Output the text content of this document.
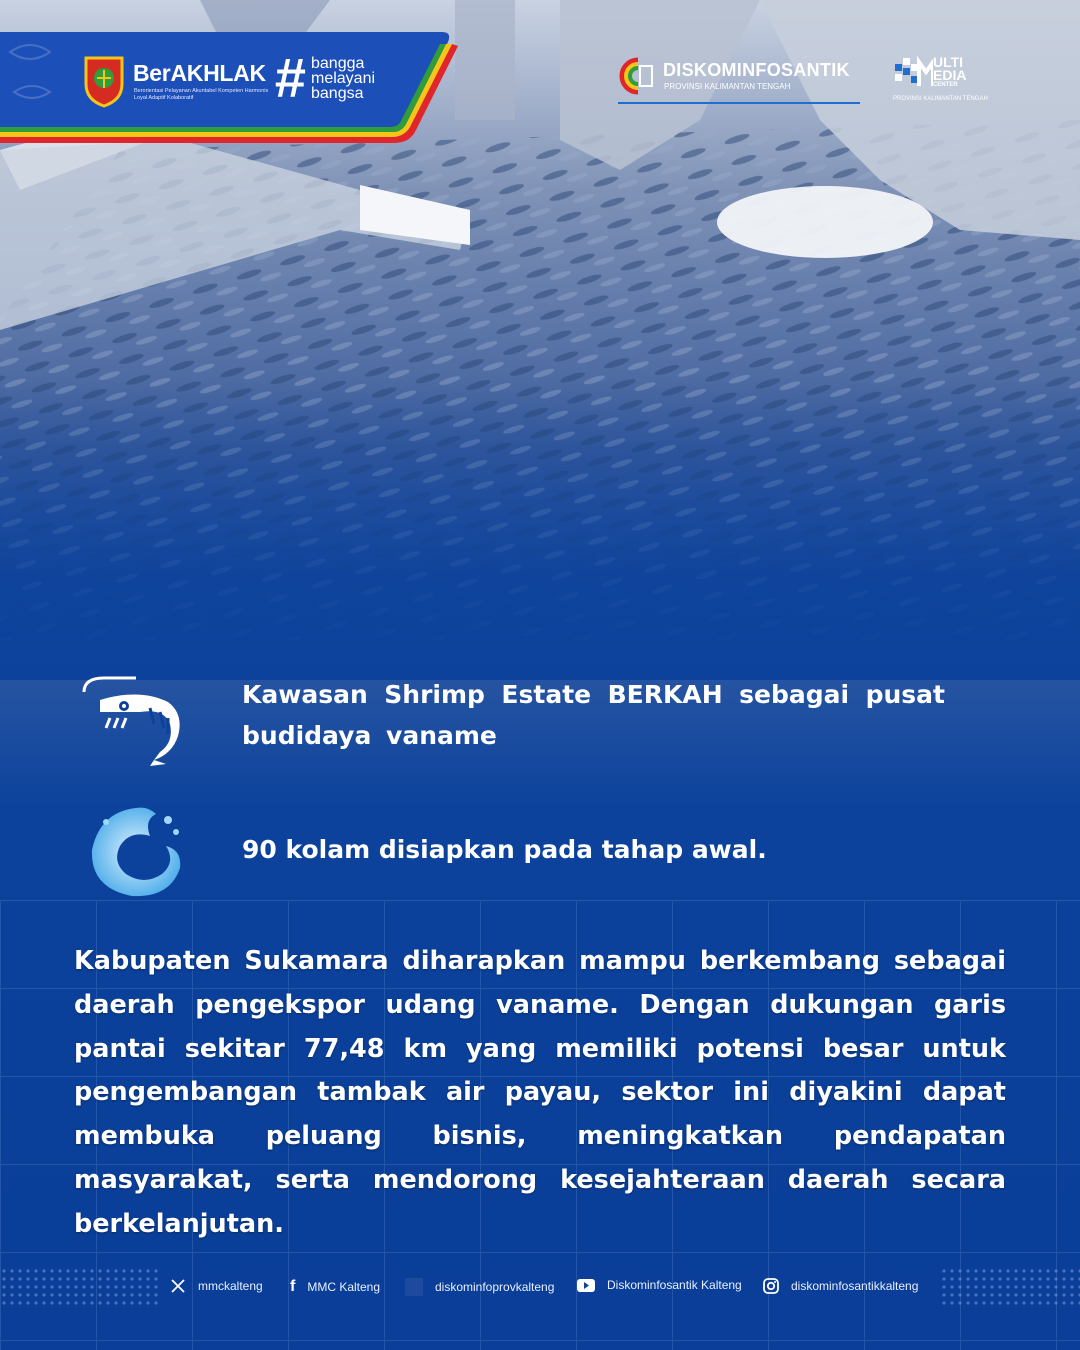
BerAKHLAK
Berorientasi Pelayanan Akuntabel Kompeten Harmonis Loyal Adaptif Kolaboratif	# bangga
melayani
bangsa
DISKOMINFOSANTIK
PROVINSI KALIMANTAN TENGAH
ULTI
EDIA
CENTER
PROVINSI KALIMANTAN TENGAH
Kawasan Shrimp Estate BERKAH sebagai pusat budidaya vaname
90 kolam disiapkan pada tahap awal.
Kabupaten Sukamara diharapkan mampu berkembang sebagai daerah pengekspor udang vaname. Dengan dukungan garis pantai sekitar 77,48 km yang memiliki potensi besar untuk pengembangan tambak air payau, sektor ini diyakini dapat membuka peluang bisnis, meningkatkan pendapatan masyarakat, serta mendorong kesejahteraan daerah secara berkelanjutan.
mmckalteng f MMC Kalteng	diskominfoprovkalteng	Diskominfosantik Kalteng	diskominfosantikkalteng
